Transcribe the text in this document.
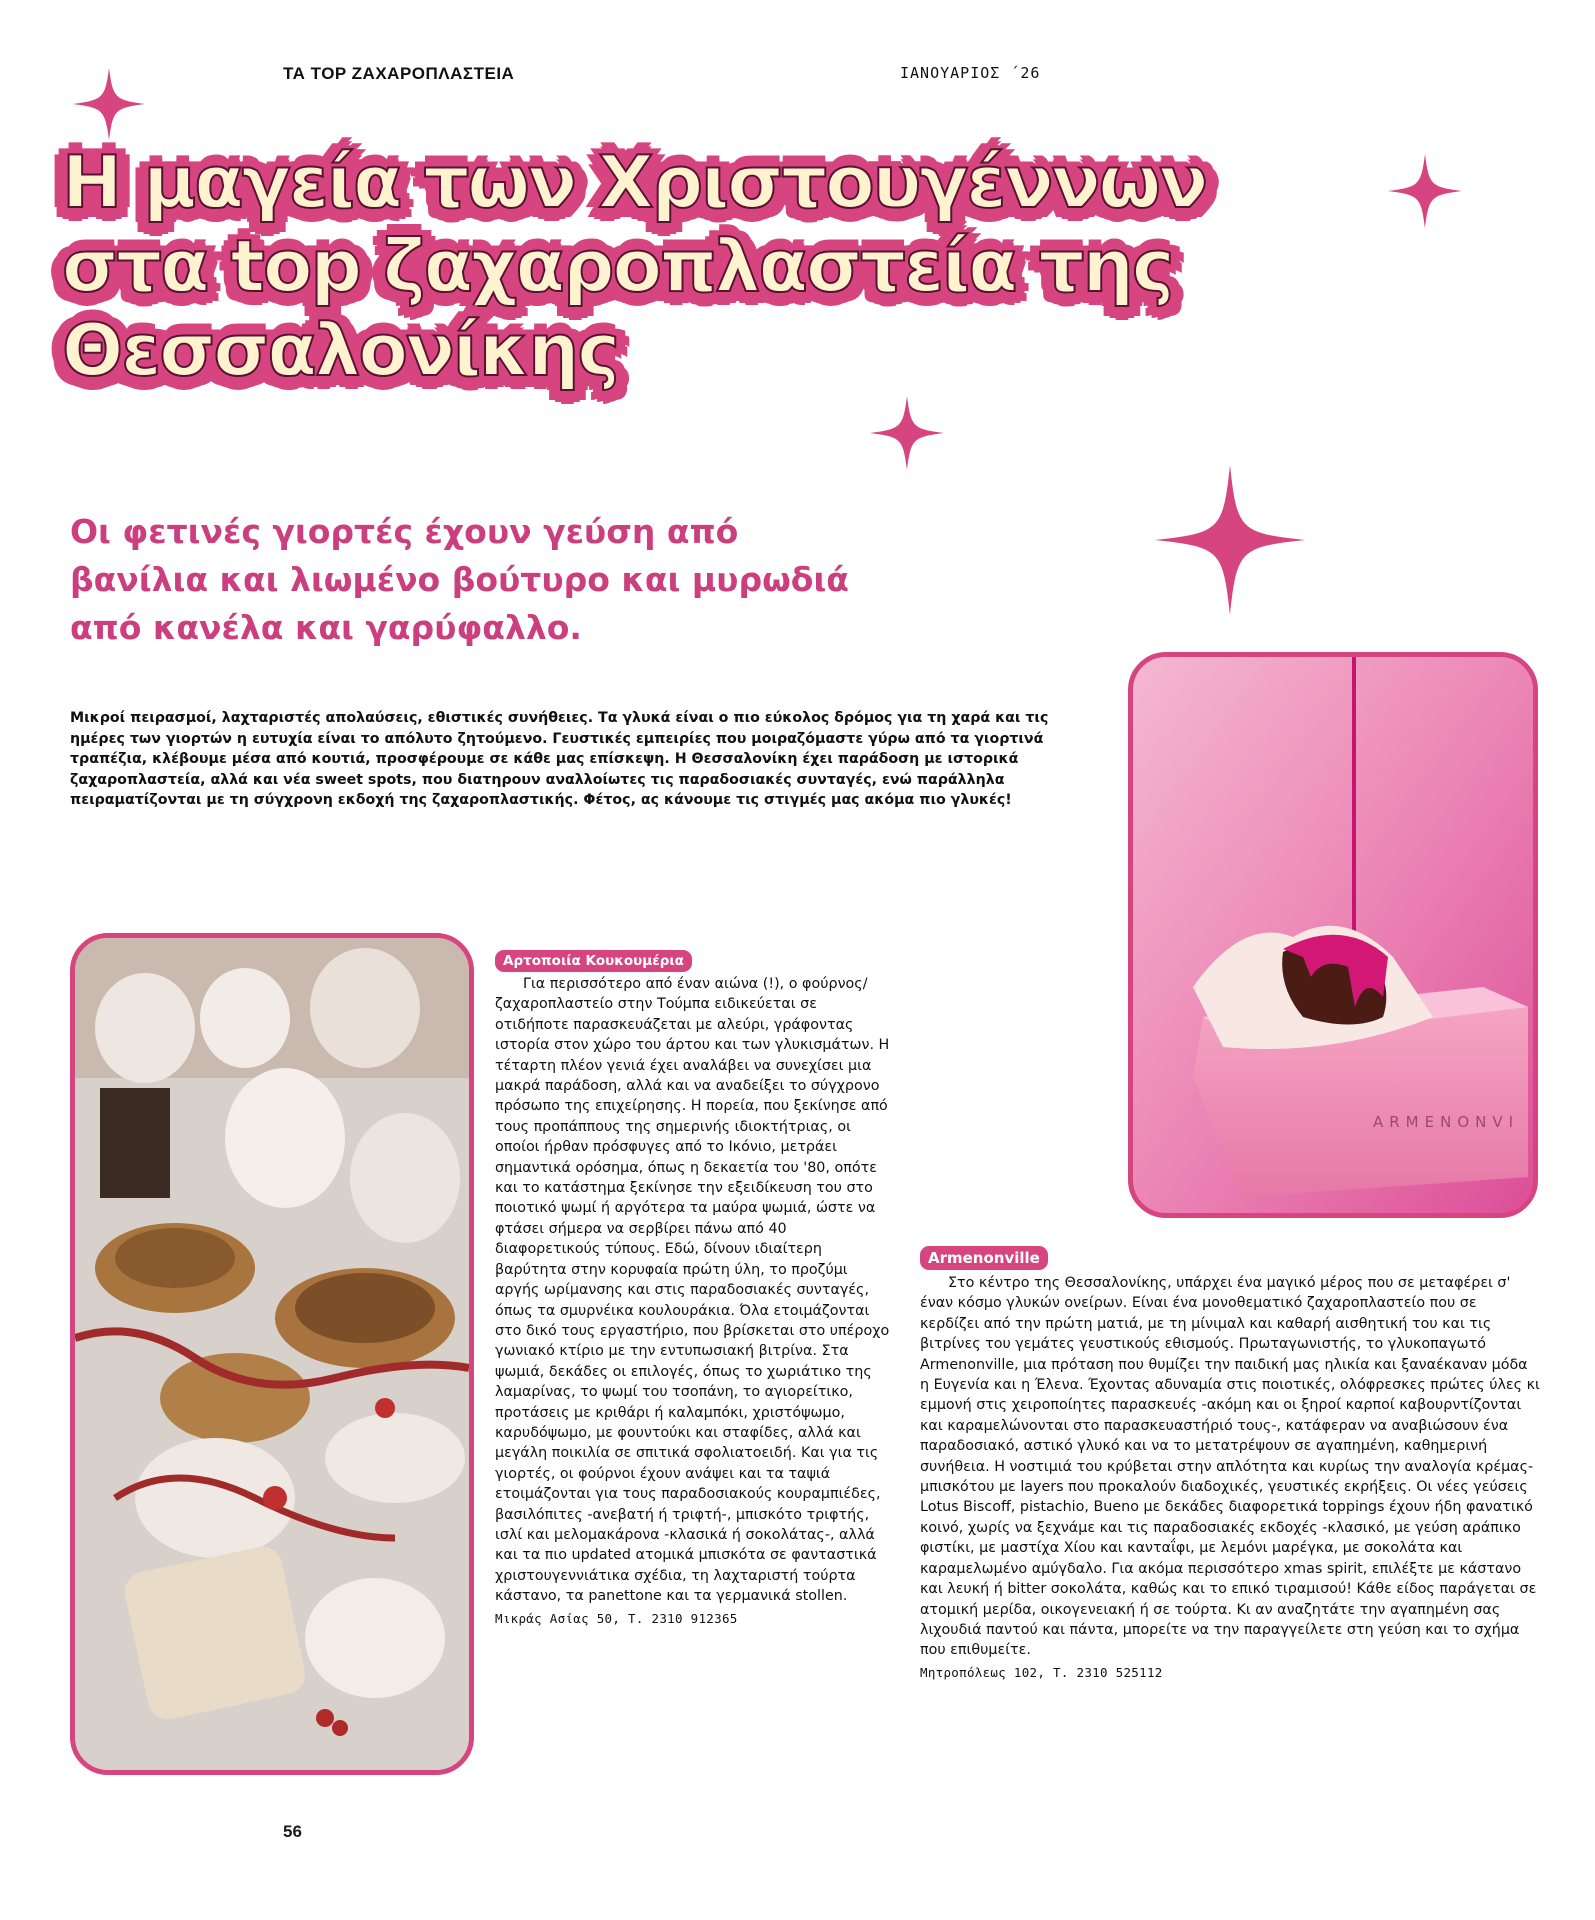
ΤΑ TOP ΖΑΧΑΡΟΠΛΑΣΤΕΙΑ	ΙΑΝΟΥΑΡΙΟΣ ΄26
Η μαγεία των Χριστουγέννων
στα top ζαχαροπλαστεία της
Θεσσαλονίκης
Οι φετινές γιορτές έχουν γεύση από βανίλια και λιωμένο βούτυρο και μυρωδιά από κανέλα και γαρύφαλλο.
Μικροί πειρασμοί, λαχταριστές απολαύσεις, εθιστικές συνήθειες. Τα γλυκά είναι ο πιο εύκολος δρόμος για τη χαρά και τις ημέρες των γιορτών η ευτυχία είναι το απόλυτο ζητούμενο. Γευστικές εμπειρίες που μοιραζόμαστε γύρω από τα γιορτινά τραπέζια, κλέβουμε μέσα από κουτιά, προσφέρουμε σε κάθε μας επίσκεψη. Η Θεσσαλονίκη έχει παράδοση με ιστορικά ζαχαροπλαστεία, αλλά και νέα sweet spots, που διατηρουν αναλλοίωτες τις παραδοσιακές συνταγές, ενώ παράλληλα πειραματίζονται με τη σύγχρονη εκδοχή της ζαχαροπλαστικής. Φέτος, ας κάνουμε τις στιγμές μας ακόμα πιο γλυκές!
ARMENONVI
Αρτοποιία Κουκουμέρια

Για περισσότερο από έναν αιώνα (!), ο φούρνος/ζαχαροπλαστείο στην Τούμπα ειδικεύεται σε οτιδήποτε παρασκευάζεται με αλεύρι, γράφοντας ιστορία στον χώρο του άρτου και των γλυκισμάτων. Η τέταρτη πλέον γενιά έχει αναλάβει να συνεχίσει μια μακρά παράδοση, αλλά και να αναδείξει το σύγχρονο πρόσωπο της επιχείρησης. Η πορεία, που ξεκίνησε από τους προπάππους της σημερινής ιδιοκτήτριας, οι οποίοι ήρθαν πρόσφυγες από το Ικόνιο, μετράει σημαντικά ορόσημα, όπως η δεκαετία του '80, οπότε και το κατάστημα ξεκίνησε την εξειδίκευση του στο ποιοτικό ψωμί ή αργότερα τα μαύρα ψωμιά, ώστε να φτάσει σήμερα να σερβίρει πάνω από 40 διαφορετικούς τύπους. Εδώ, δίνουν ιδιαίτερη βαρύτητα στην κορυφαία πρώτη ύλη, το προζύμι αργής ωρίμανσης και στις παραδοσιακές συνταγές, όπως τα σμυρνέικα κουλουράκια. Όλα ετοιμάζονται στο δικό τους εργαστήριο, που βρίσκεται στο υπέροχο γωνιακό κτίριο με την εντυπωσιακή βιτρίνα. Στα ψωμιά, δεκάδες οι επιλογές, όπως το χωριάτικο της λαμαρίνας, το ψωμί του τσοπάνη, το αγιορείτικο, προτάσεις με κριθάρι ή καλαμπόκι, χριστόψωμο, καρυδόψωμο, με φουντούκι και σταφίδες, αλλά και μεγάλη ποικιλία σε σπιτικά σφολιατοειδή. Και για τις γιορτές, οι φούρνοι έχουν ανάψει και τα ταψιά ετοιμάζονται για τους παραδοσιακούς κουραμπιέδες, βασιλόπιτες -ανεβατή ή τριφτή-, μπισκότο τριφτής, ισλί και μελομακάρονα -κλασικά ή σοκολάτας-, αλλά και τα πιο updated ατομικά μπισκότα σε φανταστικά χριστουγεννιάτικα σχέδια, τη λαχταριστή τούρτα κάστανο, τα panettone και τα γερμανικά stollen.

Μικράς Ασίας 50, Τ. 2310 912365
Armenonville

Στο κέντρο της Θεσσαλονίκης, υπάρχει ένα μαγικό μέρος που σε μεταφέρει σ' έναν κόσμο γλυκών ονείρων. Είναι ένα μονοθεματικό ζαχαροπλαστείο που σε κερδίζει από την πρώτη ματιά, με τη μίνιμαλ και καθαρή αισθητική του και τις βιτρίνες του γεμάτες γευστικούς εθισμούς. Πρωταγωνιστής, το γλυκοπαγωτό Armenonville, μια πρόταση που θυμίζει την παιδική μας ηλικία και ξαναέκαναν μόδα η Ευγενία και η Έλενα. Έχοντας αδυναμία στις ποιοτικές, ολόφρεσκες πρώτες ύλες κι εμμονή στις χειροποίητες παρασκευές -ακόμη και οι ξηροί καρποί καβουρντίζονται και καραμελώνονται στο παρασκευαστήριό τους-, κατάφεραν να αναβιώσουν ένα παραδοσιακό, αστικό γλυκό και να το μετατρέψουν σε αγαπημένη, καθημερινή συνήθεια. Η νοστιμιά του κρύβεται στην απλότητα και κυρίως την αναλογία κρέμας-μπισκότου με layers που προκαλούν διαδοχικές, γευστικές εκρήξεις. Οι νέες γεύσεις Lotus Biscoff, pistachio, Bueno με δεκάδες διαφορετικά toppings έχουν ήδη φανατικό κοινό, χωρίς να ξεχνάμε και τις παραδοσιακές εκδοχές -κλασικό, με γεύση αράπικο φιστίκι, με μαστίχα Χίου και κανταΐφι, με λεμόνι μαρέγκα, με σοκολάτα και καραμελωμένο αμύγδαλο. Για ακόμα περισσότερο xmas spirit, επιλέξτε με κάστανο και λευκή ή bitter σοκολάτα, καθώς και το επικό τιραμισού! Κάθε είδος παράγεται σε ατομική μερίδα, οικογενειακή ή σε τούρτα. Κι αν αναζητάτε την αγαπημένη σας λιχουδιά παντού και πάντα, μπορείτε να την παραγγείλετε στη γεύση και το σχήμα που επιθυμείτε.

Μητροπόλεως 102, Τ. 2310 525112
56
